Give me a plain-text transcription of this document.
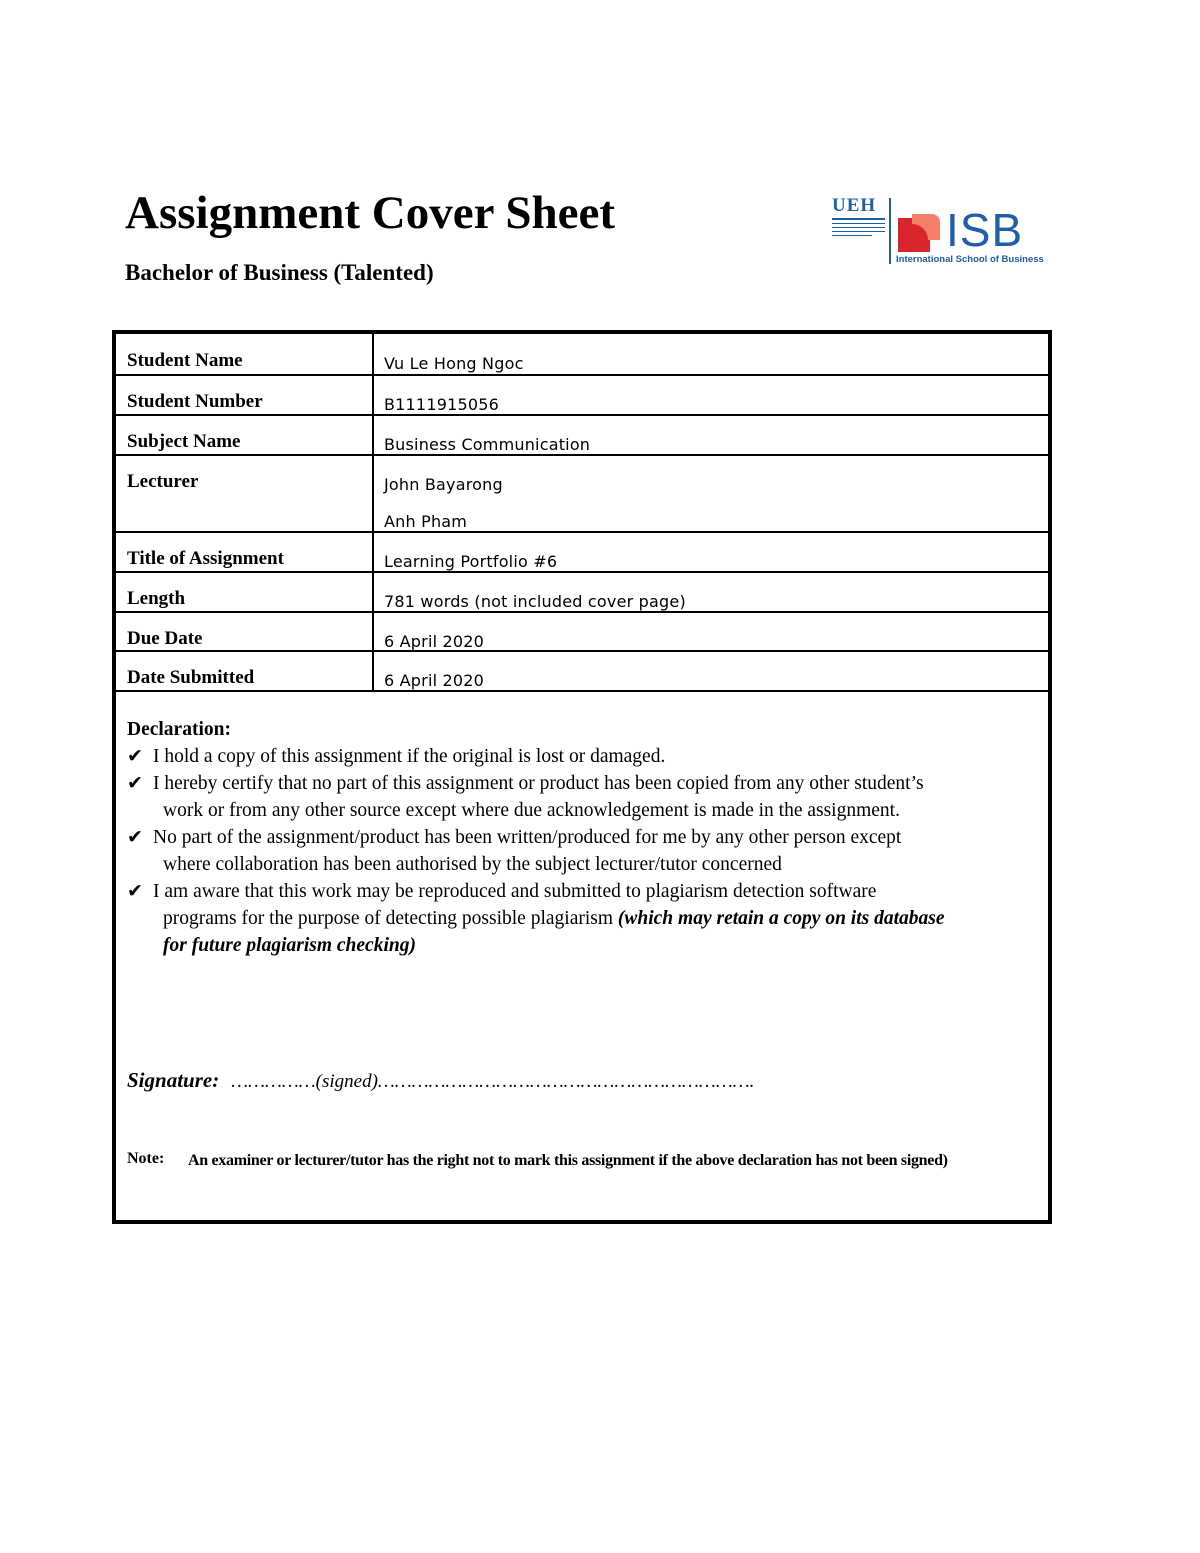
Assignment Cover Sheet
Bachelor of Business (Talented)
UEH ISB
International School of Business
Student Name	Vu Le Hong Ngoc
Student Number	B1111915056
Subject Name	Business Communication
Lecturer	John Bayarong
Anh Pham
Title of Assignment	Learning Portfolio #6
Length	781 words (not included cover page)
Due Date	6 April 2020
Date Submitted	6 April 2020

Declaration:

✔ I hold a copy of this assignment if the original is lost or damaged.

✔ I hereby certify that no part of this assignment or product has been copied from any other student’s
work or from any other source except where due acknowledgement is made in the assignment.

✔ No part of the assignment/product has been written/produced for me by any other person except
where collaboration has been authorised by the subject lecturer/tutor concerned

✔ I am aware that this work may be reproduced and submitted to plagiarism detection software
programs for the purpose of detecting possible plagiarism (which may retain a copy on its database
for future plagiarism checking)

Signature: ……………(signed)………………………………………………………….
Note: An examiner or lecturer/tutor has the right not to mark this assignment if the above declaration has not been signed)
